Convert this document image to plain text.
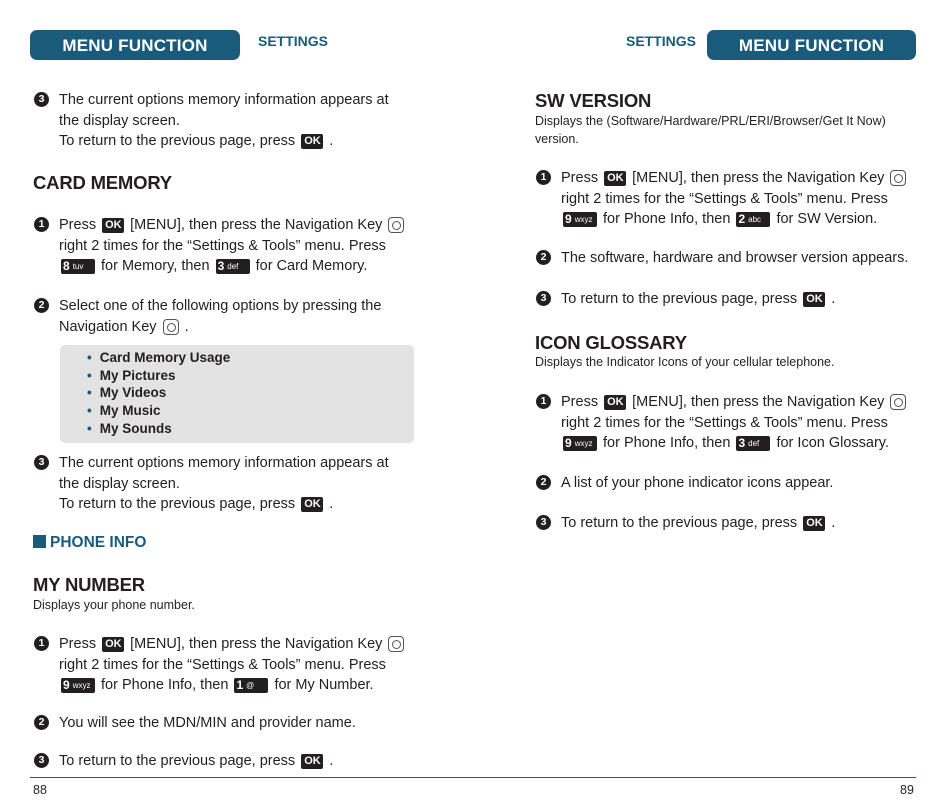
MENU FUNCTION	SETTINGS
3	The current options memory information appears at
the display screen.
To return to the previous page, press OK .
CARD MEMORY
1	Press OK [MENU], then press the Navigation Key
right 2 times for the “Settings & Tools” menu. Press
8 $^{tuv}$ for Memory, then 3 $^{def}$ for Card Memory.
2	Select one of the following options by pressing the
Navigation Key  .
• Card Memory Usage
• My Pictures
• My Videos
• My Music
• My Sounds
3	The current options memory information appears at
the display screen.
To return to the previous page, press OK .
PHONE INFO
MY NUMBER
Displays your phone number.
1	Press OK [MENU], then press the Navigation Key
right 2 times for the “Settings & Tools” menu. Press
9 $^{wxyz}$ for Phone Info, then 1 @ for My Number.
2	You will see the MDN/MIN and provider name.
3	To return to the previous page, press OK .
88
MENU FUNCTION
SETTINGS
SW VERSION
Displays the (Software/Hardware/PRL/ERI/Browser/Get It Now)
version.
1	Press OK [MENU], then press the Navigation Key
right 2 times for the “Settings & Tools” menu. Press
9 $^{wxyz}$ for Phone Info, then 2 $^{abc}$ for SW Version.
2	The software, hardware and browser version appears.
3	To return to the previous page, press OK .
ICON GLOSSARY
Displays the Indicator Icons of your cellular telephone.
1	Press OK [MENU], then press the Navigation Key
right 2 times for the “Settings & Tools” menu. Press
9 $^{wxyz}$ for Phone Info, then 3 $^{def}$ for Icon Glossary.
2	A list of your phone indicator icons appear.
3	To return to the previous page, press OK .
89
